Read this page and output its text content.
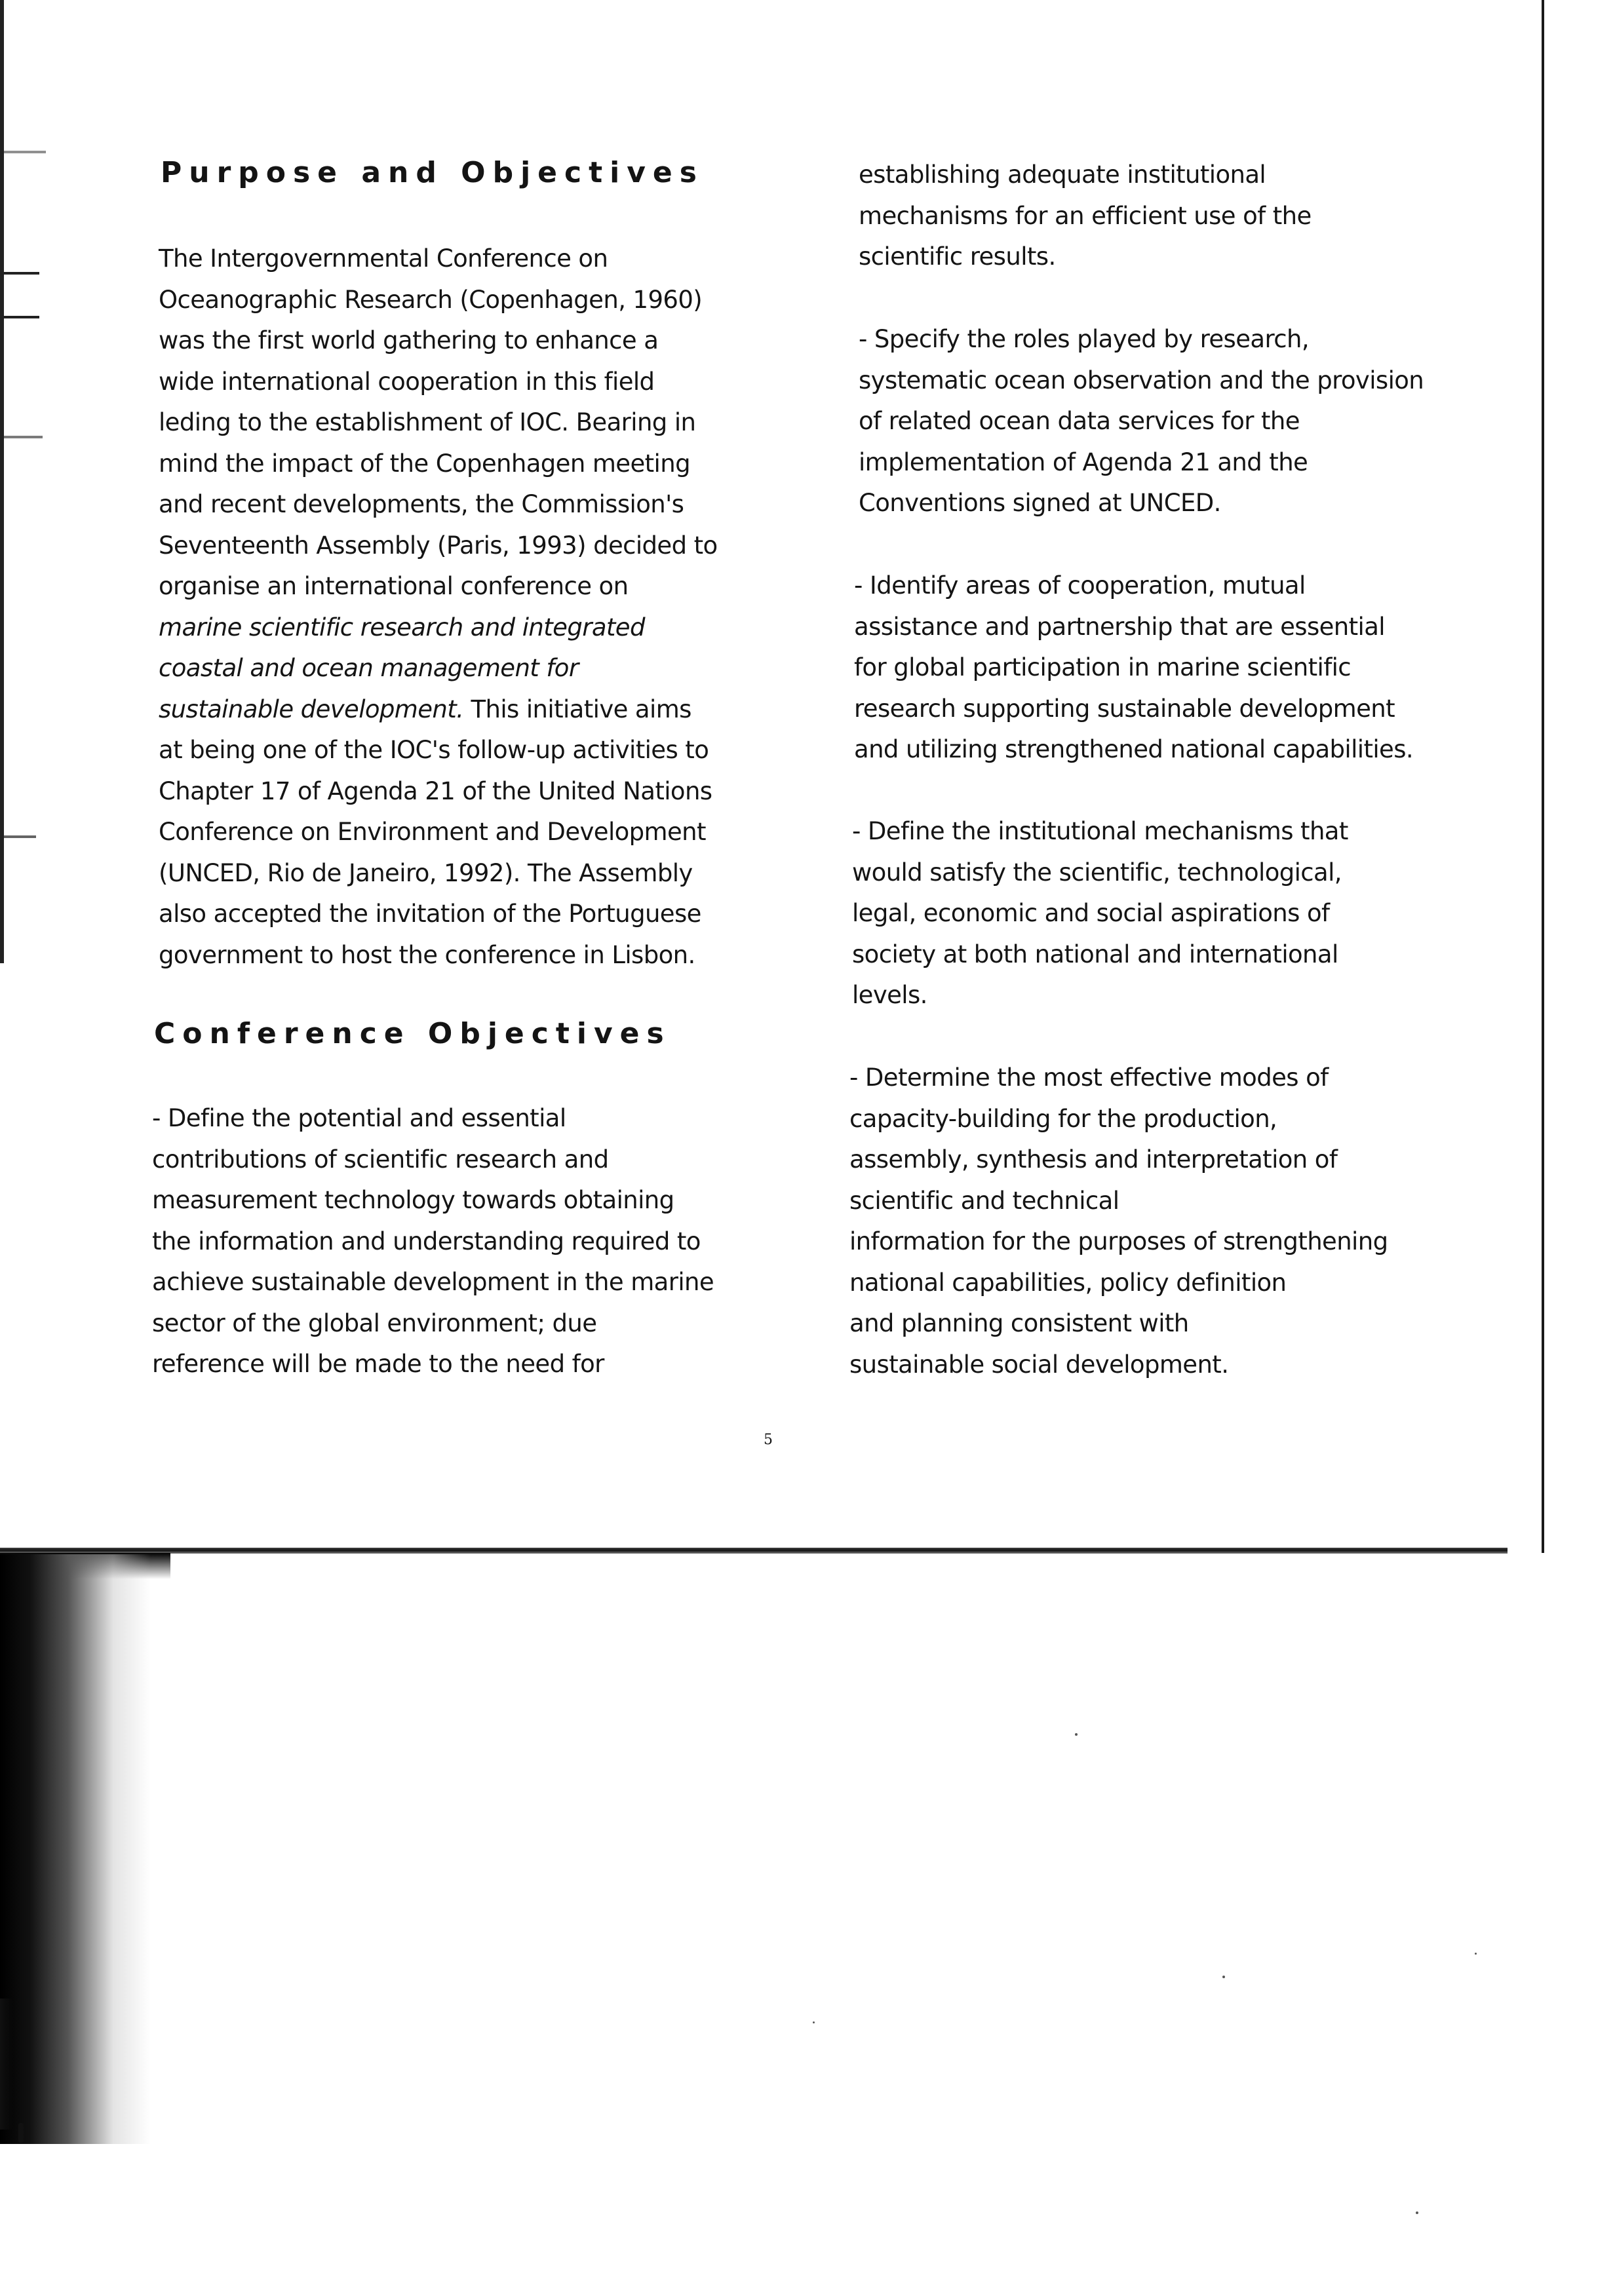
Purpose and Objectives
The Intergovernmental Conference on
Oceanographic Research (Copenhagen, 1960)
was the first world gathering to enhance a
wide international cooperation in this field
leding to the establishment of IOC. Bearing in
mind the impact of the Copenhagen meeting
and recent developments, the Commission's
Seventeenth Assembly (Paris, 1993) decided to
organise an international conference on
marine scientific research and integrated
coastal and ocean management for
sustainable development. This initiative aims
at being one of the IOC's follow-up activities to
Chapter 17 of Agenda 21 of the United Nations
Conference on Environment and Development
(UNCED, Rio de Janeiro, 1992). The Assembly
also accepted the invitation of the Portuguese
government to host the conference in Lisbon.
Conference Objectives
- Define the potential and essential
contributions of scientific research and
measurement technology towards obtaining
the information and understanding required to
achieve sustainable development in the marine
sector of the global environment; due
reference will be made to the need for
establishing adequate institutional
mechanisms for an efficient use of the
scientific results.
- Specify the roles played by research,
systematic ocean observation and the provision
of related ocean data services for the
implementation of Agenda 21 and the
Conventions signed at UNCED.
- Identify areas of cooperation, mutual
assistance and partnership that are essential
for global participation in marine scientific
research supporting sustainable development
and utilizing strengthened national capabilities.
- Define the institutional mechanisms that
would satisfy the scientific, technological,
legal, economic and social aspirations of
society at both national and international
levels.
- Determine the most effective modes of
capacity-building for the production,
assembly, synthesis and interpretation of
scientific and technical
information for the purposes of strengthening
national capabilities, policy definition
and planning consistent with
sustainable social development.
5
